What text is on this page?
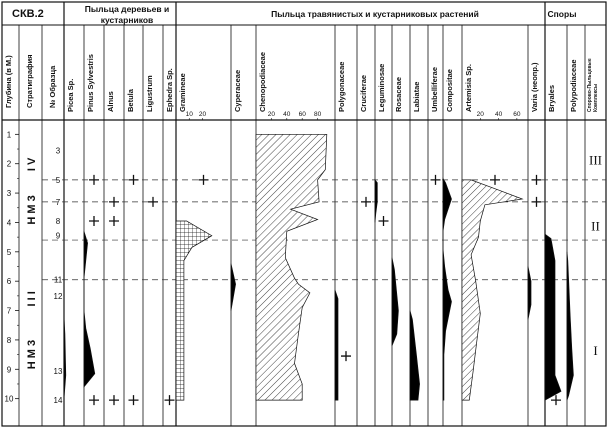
СКВ.2	Пыльца деревьев и
кустарников
Пыльца травянистых и кустарниковых растений	Споры
Глубина (в М.) Стратиграфия № Образца
1
2
3
4
5
6
7
8
9
10
I V
Н М 3
I I I
Н М 3
3
5
7
8
9
11
12
13
14
Picea Sp. Pinus Sylvestris Alnus Betula Ligustrum Ephedra Sp. Gramineae
10 20
Cyperaceae Chenopodiaceae
20 40 60 80
Polygonaceae Cruciferae Leguminosae Rosaceae Labiatae Umbelliferae Compositae Artemisia Sp.
20 40 60
Varia (неопр.) Bryales Polypodiaceae Спорово-ПыльцевыеКомплексы
III
II
I
